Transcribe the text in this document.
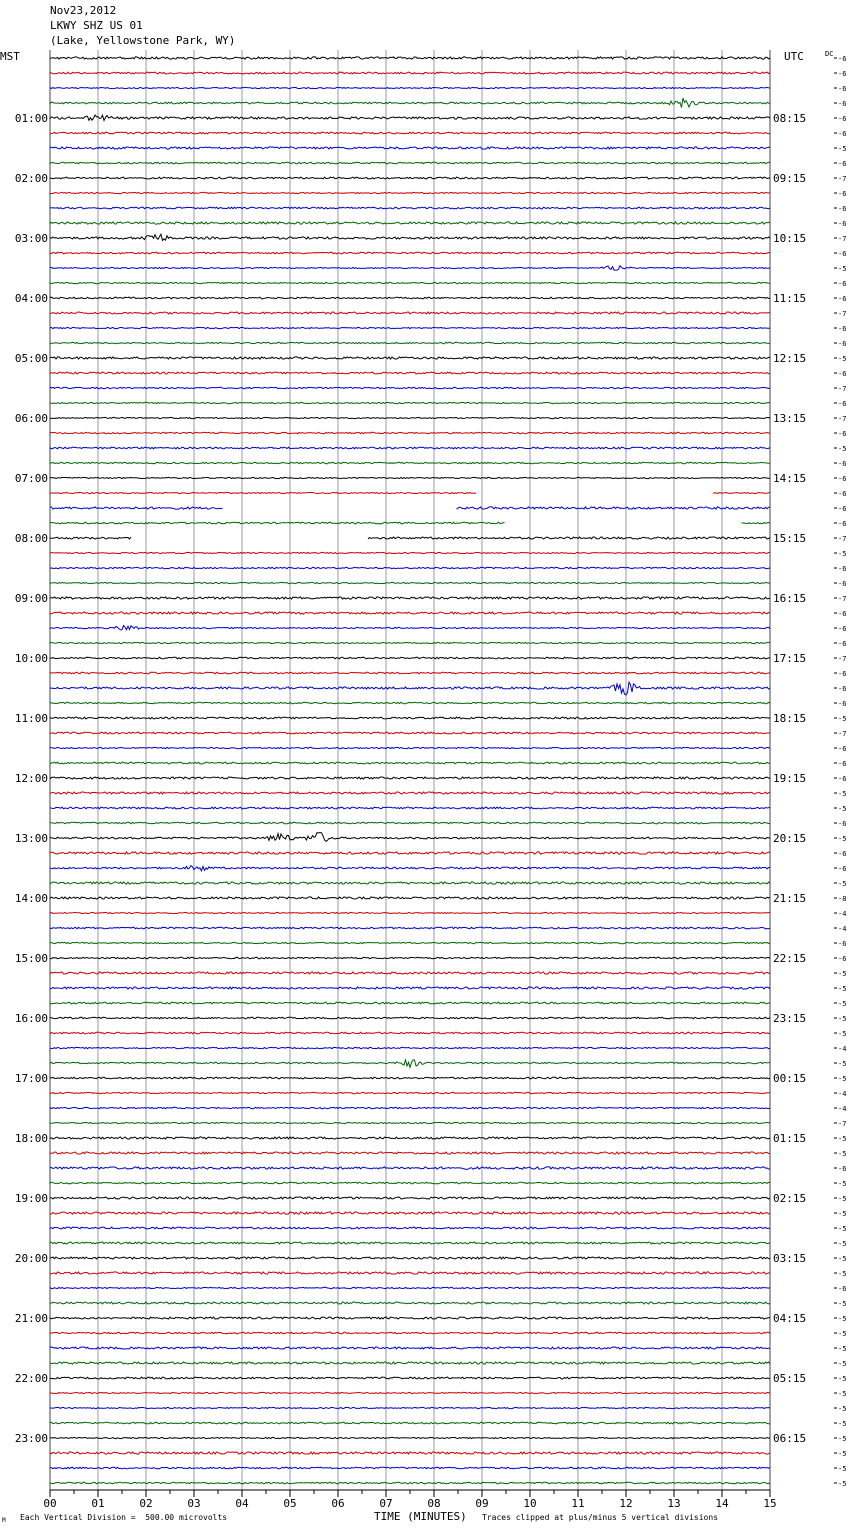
Nov23,2012
LKWY SHZ US 01
(Lake, Yellowstone Park, WY)
MST	UTC	DC
00	01	02	03	04	05	06	07	08	09	10	11	12	13	14	15
-6
-6
-6
-6
-6
-6
-5
-6
-7
-6
-6
-6
-7
-6
-5
-6
-6
-7
-6
-6
-5
-6
-7
-6
-7
-6
-5
-6
-6
-6
-6
-6
-7
-5
-6
-6
-7
-6
-6
-6
-7
-6
-6
-6
-5
-7
-6
-6
-6
-5
-5
-6
-5
-6
-6
-5
-8
-4
-4
-6
-6
-5
-5
-5
-5
-5
-4
-5
-5
-4
-4
-7
-5
-5
-6
-5
-5
-5
-5
-5
-5
-5
-6
-5
-5
-5
-5
-5
-5
-5
-5
-5
-5
-5
-5
-5
01:00
02:00
03:00
04:00
05:00
06:00
07:00
08:00
09:00
10:00
11:00
12:00
13:00
14:00
15:00
16:00
17:00
18:00
19:00
20:00
21:00
22:00
23:00
08:15
09:15
10:15
11:15
12:15
13:15
14:15
15:15
16:15
17:15
18:15
19:15
20:15
21:15
22:15
23:15
00:15
01:15
02:15
03:15
04:15
05:15
06:15
M Each Vertical Division =  500.00 microvolts	TIME (MINUTES) Traces clipped at plus/minus 5 vertical divisions
